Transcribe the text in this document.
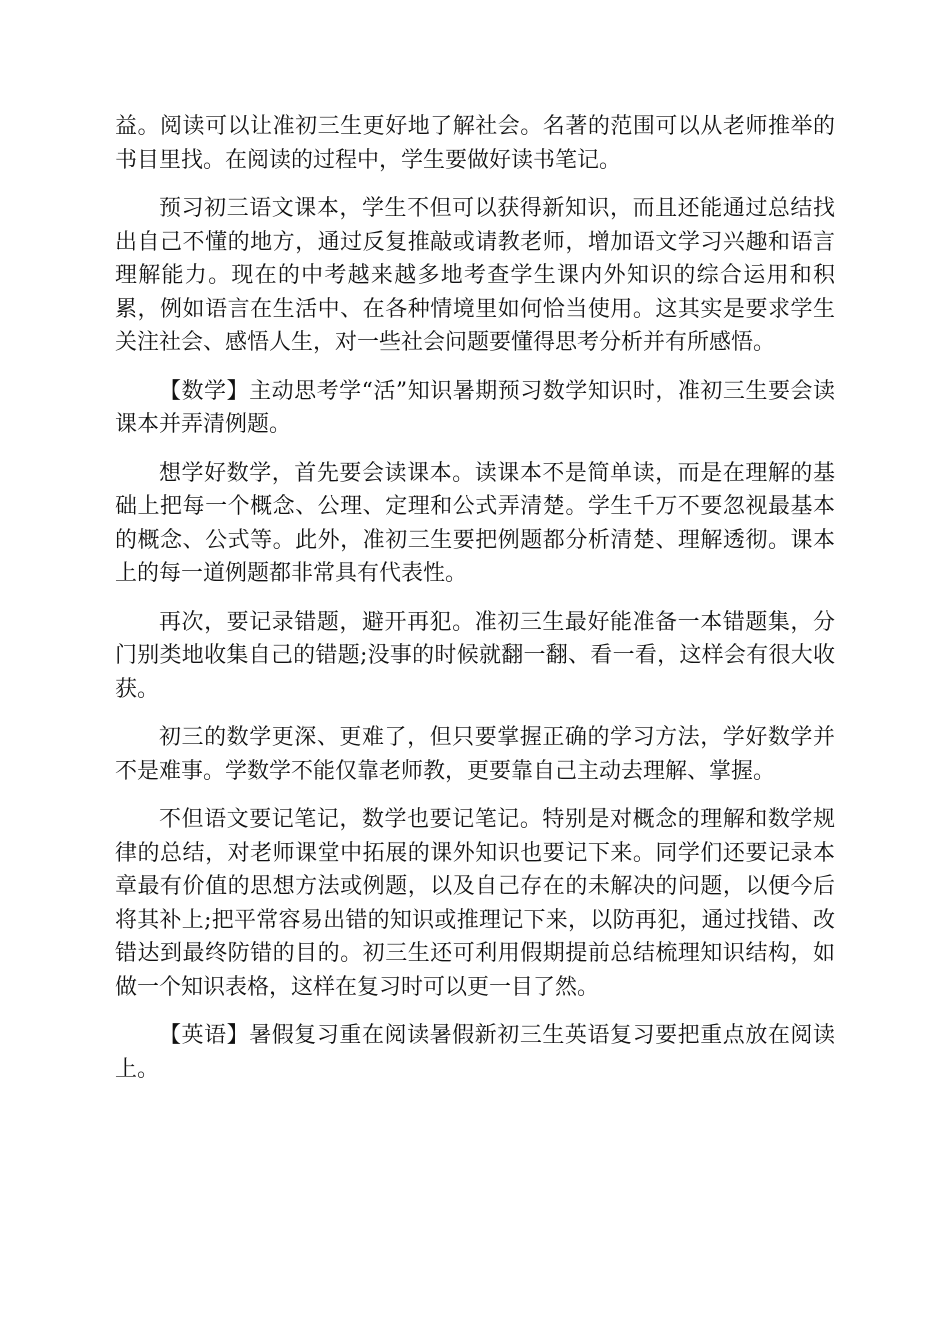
益。阅读可以让准初三生更好地了解社会。名著的范围可以从老师推举的书目里找。在阅读的过程中，学生要做好读书笔记。

预习初三语文课本，学生不但可以获得新知识，而且还能通过总结找出自己不懂的地方，通过反复推敲或请教老师，增加语文学习兴趣和语言理解能力。现在的中考越来越多地考查学生课内外知识的综合运用和积累，例如语言在生活中、在各种情境里如何恰当使用。这其实是要求学生关注社会、感悟人生，对一些社会问题要懂得思考分析并有所感悟。

【数学】主动思考学“活”知识暑期预习数学知识时，准初三生要会读课本并弄清例题。

想学好数学，首先要会读课本。读课本不是简单读，而是在理解的基础上把每一个概念、公理、定理和公式弄清楚。学生千万不要忽视最基本的概念、公式等。此外，准初三生要把例题都分析清楚、理解透彻。课本上的每一道例题都非常具有代表性。

再次，要记录错题，避开再犯。准初三生最好能准备一本错题集，分门别类地收集自己的错题;没事的时候就翻一翻、看一看，这样会有很大收获。

初三的数学更深、更难了，但只要掌握正确的学习方法，学好数学并不是难事。学数学不能仅靠老师教，更要靠自己主动去理解、掌握。

不但语文要记笔记，数学也要记笔记。特别是对概念的理解和数学规律的总结，对老师课堂中拓展的课外知识也要记下来。同学们还要记录本章最有价值的思想方法或例题，以及自己存在的未解决的问题，以便今后将其补上;把平常容易出错的知识或推理记下来，以防再犯，通过找错、改错达到最终防错的目的。初三生还可利用假期提前总结梳理知识结构，如做一个知识表格，这样在复习时可以更一目了然。

【英语】暑假复习重在阅读暑假新初三生英语复习要把重点放在阅读上。
